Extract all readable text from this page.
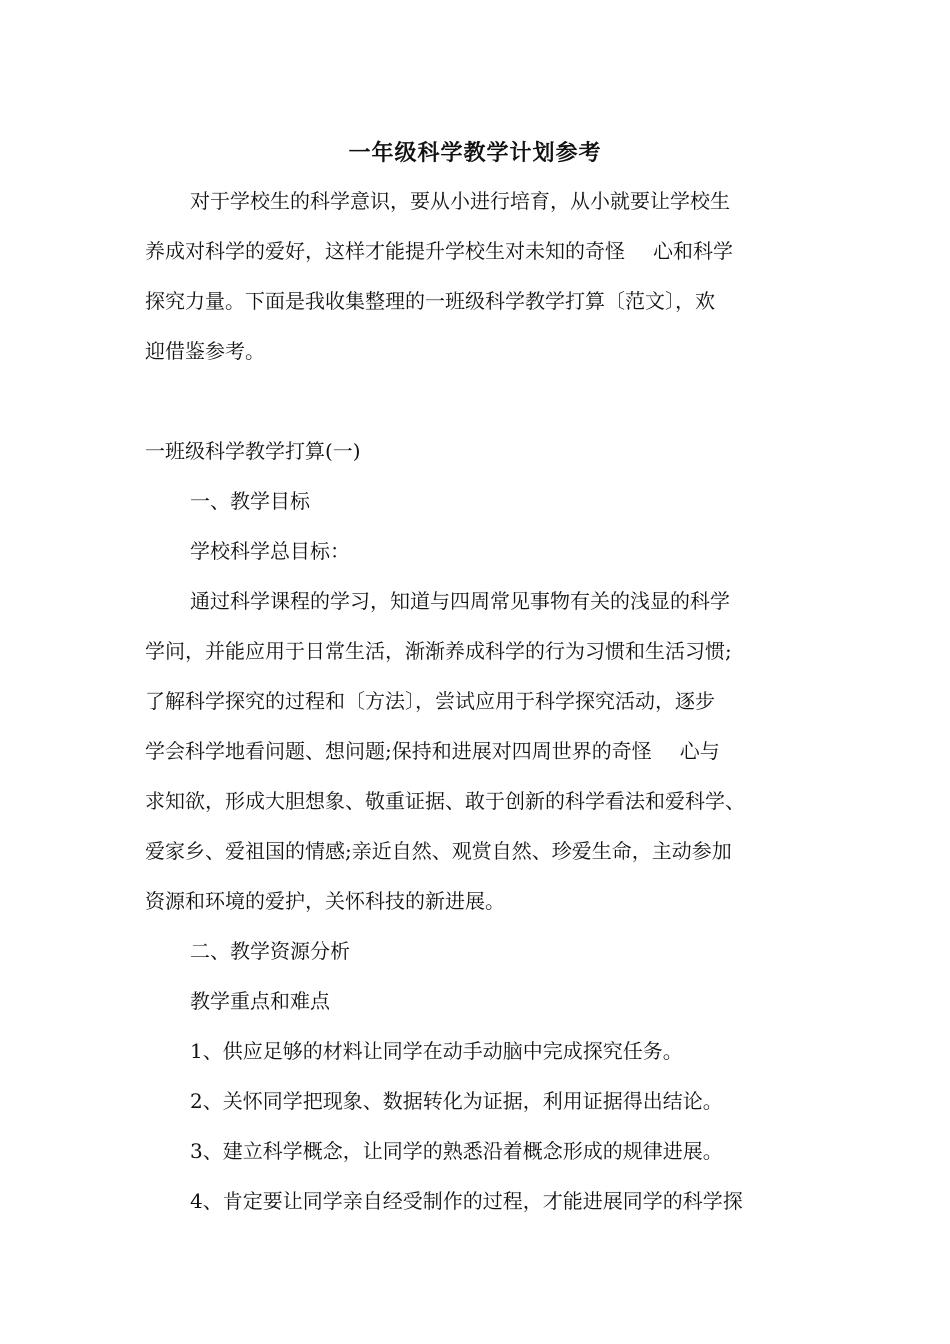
一年级科学教学计划参考
对于学校生的科学意识，要从小进行培育，从小就要让学校生
养成对科学的爱好，这样才能提升学校生对未知的奇怪 心和科学
探究力量。下面是我收集整理的一班级科学教学打算〔范文〕，欢
迎借鉴参考。
一班级科学教学打算(一)
一、教学目标
学校科学总目标：
通过科学课程的学习，知道与四周常见事物有关的浅显的科学
学问，并能应用于日常生活，渐渐养成科学的行为习惯和生活习惯;
了解科学探究的过程和〔方法〕，尝试应用于科学探究活动，逐步
学会科学地看问题、想问题;保持和进展对四周世界的奇怪 心与
求知欲，形成大胆想象、敬重证据、敢于创新的科学看法和爱科学、
爱家乡、爱祖国的情感;亲近自然、观赏自然、珍爱生命，主动参加
资源和环境的爱护，关怀科技的新进展。
二、教学资源分析
教学重点和难点
1、供应足够的材料让同学在动手动脑中完成探究任务。
2、关怀同学把现象、数据转化为证据，利用证据得出结论。
3、建立科学概念，让同学的熟悉沿着概念形成的规律进展。
4、肯定要让同学亲自经受制作的过程，才能进展同学的科学探
